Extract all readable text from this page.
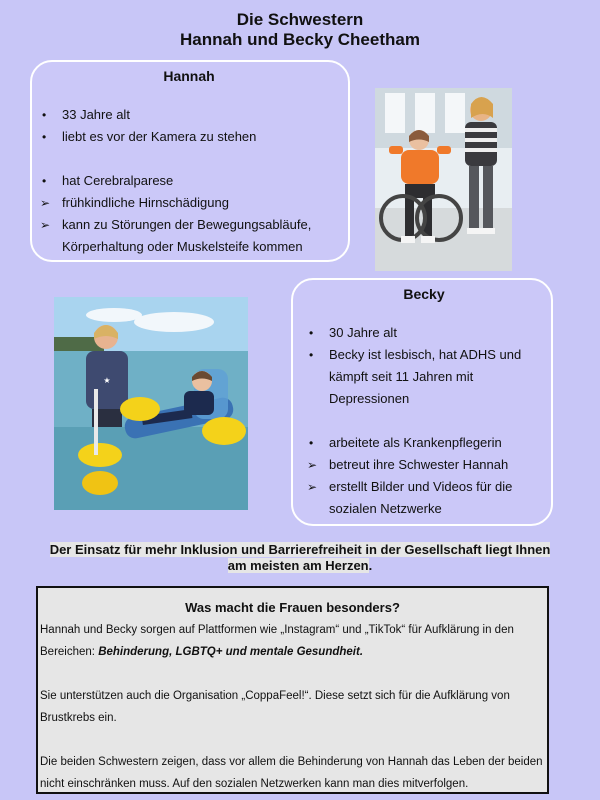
Die Schwestern
Hannah und Becky Cheetham
Hannah
• 33 Jahre alt
• liebt es vor der Kamera zu stehen
• hat Cerebralparese
➢ frühkindliche Hirnschädigung
➢ kann zu Störungen der Bewegungsabläufe, Körperhaltung oder Muskelsteife kommen
★
Becky
• 30 Jahre alt
• Becky ist lesbisch, hat ADHS und kämpft seit 11 Jahren mit Depressionen
• arbeitete als Krankenpflegerin
➢ betreut ihre Schwester Hannah
➢ erstellt Bilder und Videos für die sozialen Netzwerke
Der Einsatz für mehr Inklusion und Barrierefreiheit in der Gesellschaft liegt Ihnen am meisten am Herzen.
Was macht die Frauen besonders?

Hannah und Becky sorgen auf Plattformen wie „Instagram“ und „TikTok“ für Aufklärung in den Bereichen: Behinderung, LGBTQ+ und mentale Gesundheit.

Sie unterstützen auch die Organisation „CoppaFeel!“. Diese setzt sich für die Aufklärung von Brustkrebs ein.

Die beiden Schwestern zeigen, dass vor allem die Behinderung von Hannah das Leben der beiden nicht einschränken muss. Auf den sozialen Netzwerken kann man dies mitverfolgen.
